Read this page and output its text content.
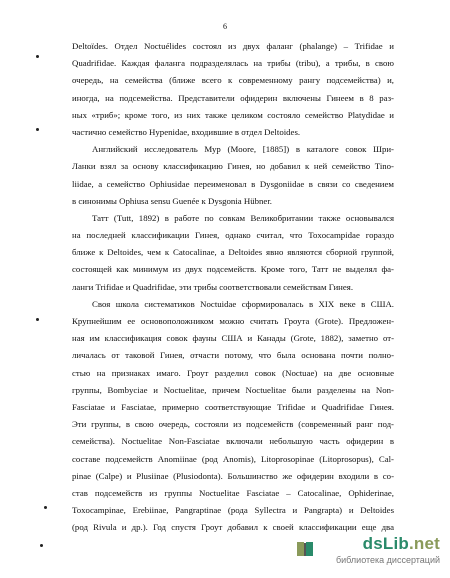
6
Deltoïdes. Отдел Noctuélides состоял из двух фаланг (phalange) – Trifidae и
Quadrifidae. Каждая фаланга подразделялась на трибы (tribu), а трибы, в свою
очередь, на семейства (ближе всего к современному рангу подсемейства) и,
иногда, на подсемейства. Представители офидерин включены Гинеем в 8 раз-
ных «триб»; кроме того, из них также целиком состояло семейство Platydidae и
частично семейство Hypenidae, входившие в отдел Deltoides.
Английский исследователь Мур (Moore, [1885]) в каталоге совок Шри-
Ланки взял за основу классификацию Гинея, но добавил к ней семейство Tino-
liidae, а семейство Ophiusidae переименовал в Dysgoniidae в связи со сведением
в синонимы Ophiusa sensu Guenée к Dysgonia Hübner.
Татт (Tutt, 1892) в работе по совкам Великобритании также основывался
на последней классификации Гинея, однако считал, что Toxocampidae гораздо
ближе к Deltoides, чем к Catocalinae, а Deltoides явно являются сборной группой,
состоящей как минимум из двух подсемейств. Кроме того, Татт не выделял фа-
ланги Trifidae и Quadrifidae, эти трибы соответствовали семействам Гинея.
Своя школа систематиков Noctuidae сформировалась в XIX веке в США.
Крупнейшим ее основоположником можно считать Гроута (Grote). Предложен-
ная им классификация совок фауны США и Канады (Grote, 1882), заметно от-
личалась от таковой Гинея, отчасти потому, что была основана почти полно-
стью на признаках имаго. Гроут разделил совок (Noctuae) на две основные
группы, Bombyciae и Noctuelitae, причем Noctuelitae были разделены на Non-
Fasciatae и Fasciatae, примерно соответствующие Trifidae и Quadrifidae Гинея.
Эти группы, в свою очередь, состояли из подсемейств (современный ранг под-
семейства). Noctuelitae Non-Fasciatae включали небольшую часть офидерин в
составе подсемейств Anomiinae (род Anomis), Litoprosopinae (Litoprosopus), Cal-
pinae (Calpe) и Plusiinae (Plusiodonta). Большинство же офидерин входили в со-
став подсемейств из группы Noctuelitae Fasciatae – Catocalinae, Ophiderinae,
Toxocampinae, Erebiinae, Pangraptinae (рода Syllectra и Pangrapta) и Deltoides
(род Rivula и др.). Год спустя Гроут добавил к своей классификации еще два
dsLib.net
библиотека диссертаций
